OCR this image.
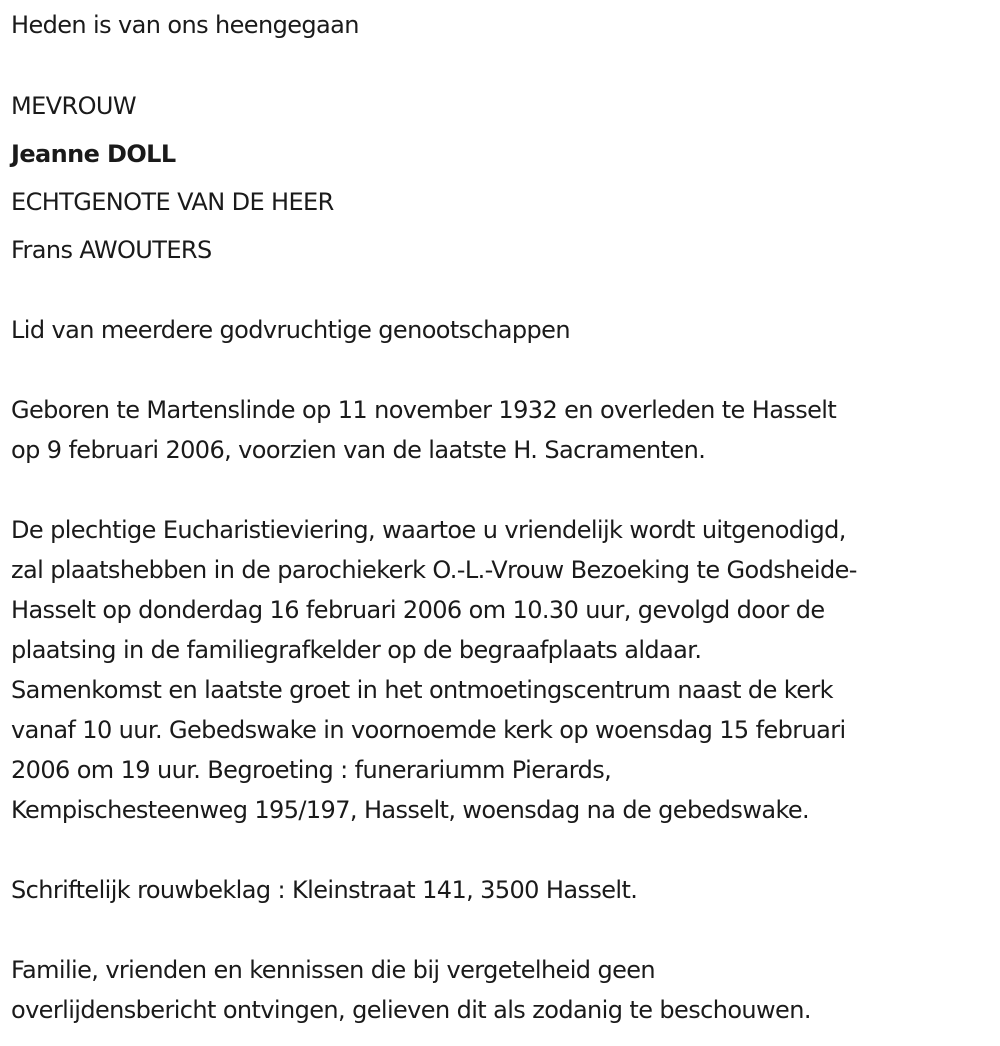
Heden is van ons heengegaan
MEVROUW
Jeanne DOLL
ECHTGENOTE VAN DE HEER
Frans AWOUTERS
Lid van meerdere godvruchtige genootschappen
Geboren te Martenslinde op 11 november 1932 en overleden te Hasselt
op 9 februari 2006, voorzien van de laatste H. Sacramenten.
De plechtige Eucharistieviering, waartoe u vriendelijk wordt uitgenodigd,
zal plaatshebben in de parochiekerk O.-L.-Vrouw Bezoeking te Godsheide-
Hasselt op donderdag 16 februari 2006 om 10.30 uur, gevolgd door de
plaatsing in de familiegrafkelder op de begraafplaats aldaar.
Samenkomst en laatste groet in het ontmoetingscentrum naast de kerk
vanaf 10 uur. Gebedswake in voornoemde kerk op woensdag 15 februari
2006 om 19 uur. Begroeting : funerariumm Pierards,
Kempischesteenweg 195/197, Hasselt, woensdag na de gebedswake.
Schriftelijk rouwbeklag : Kleinstraat 141, 3500 Hasselt.
Familie, vrienden en kennissen die bij vergetelheid geen
overlijdensbericht ontvingen, gelieven dit als zodanig te beschouwen.
